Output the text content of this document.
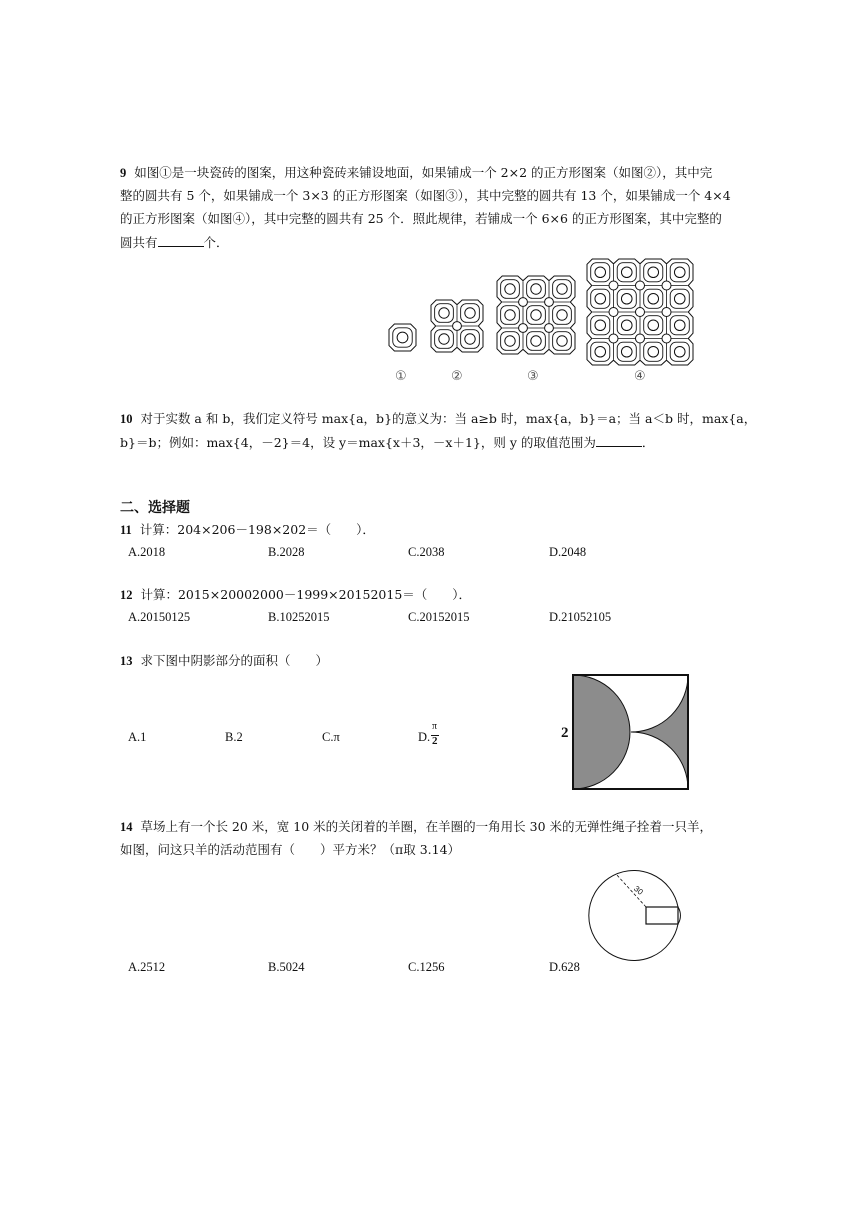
9 如图①是一块瓷砖的图案，用这种瓷砖来铺设地面，如果铺成一个 2×2 的正方形图案（如图②），其中完
整的圆共有 5 个，如果铺成一个 3×3 的正方形图案（如图③），其中完整的圆共有 13 个，如果铺成一个 4×4
的正方形图案（如图④），其中完整的圆共有 25 个．照此规律，若铺成一个 6×6 的正方形图案，其中完整的
圆共有	个．
①	②	③	④
10 对于实数 a 和 b，我们定义符号 max{a，b}的意义为：当 a≥b 时，max{a，b}＝a；当 a＜b 时，max{a，
b}＝b；例如：max{4，－2}＝4，设 y＝max{x＋3，－x＋1}，则 y 的取值范围为	．
二、选择题
11 计算：204×206－198×202＝（　　）．
A.2018	B.2028	C.2038	D.2048
12 计算：2015×20002000－1999×20152015＝（　　）．
A.20150125	B.10252015	C.20152015	D.21052105
13 求下图中阴影部分的面积（　　）
A.1	B.2	C.π	D.
π
2	2
14 草场上有一个长 20 米，宽 10 米的关闭着的羊圈，在羊圈的一角用长 30 米的无弹性绳子拴着一只羊，
如图，问这只羊的活动范围有（　　）平方米？（π取 3.14）
30
A.2512	B.5024	C.1256	D.628
